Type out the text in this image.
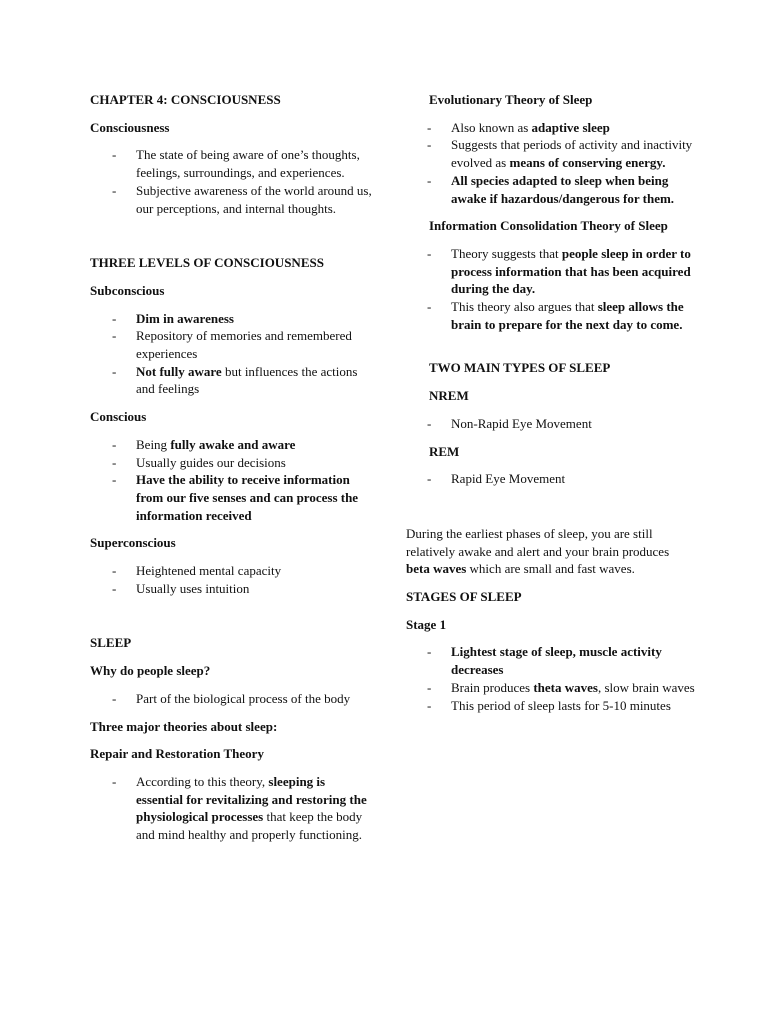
CHAPTER 4: CONSCIOUSNESS

Consciousness

- The state of being aware of one’s thoughts, feelings, surroundings, and experiences.
- Subjective awareness of the world around us, our perceptions, and internal thoughts.

THREE LEVELS OF CONSCIOUSNESS

Subconscious

- Dim in awareness
- Repository of memories and remembered experiences
- Not fully aware but influences the actions and feelings

Conscious

- Being fully awake and aware
- Usually guides our decisions
- Have the ability to receive information from our five senses and can process the information received

Superconscious

- Heightened mental capacity
- Usually uses intuition

SLEEP

Why do people sleep?

- Part of the biological process of the body

Three major theories about sleep:

Repair and Restoration Theory

- According to this theory, sleeping is essential for revitalizing and restoring the physiological processes that keep the body and mind healthy and properly functioning.

Evolutionary Theory of Sleep

- Also known as adaptive sleep
- Suggests that periods of activity and inactivity evolved as means of conserving energy.
- All species adapted to sleep when being awake if hazardous/dangerous for them.

Information Consolidation Theory of Sleep

- Theory suggests that people sleep in order to process information that has been acquired during the day.
- This theory also argues that sleep allows the brain to prepare for the next day to come.

TWO MAIN TYPES OF SLEEP

NREM

- Non-Rapid Eye Movement

REM

- Rapid Eye Movement

During the earliest phases of sleep, you are still relatively awake and alert and your brain produces beta waves which are small and fast waves.

STAGES OF SLEEP

Stage 1

- Lightest stage of sleep, muscle activity decreases
- Brain produces theta waves, slow brain waves
- This period of sleep lasts for 5-10 minutes
